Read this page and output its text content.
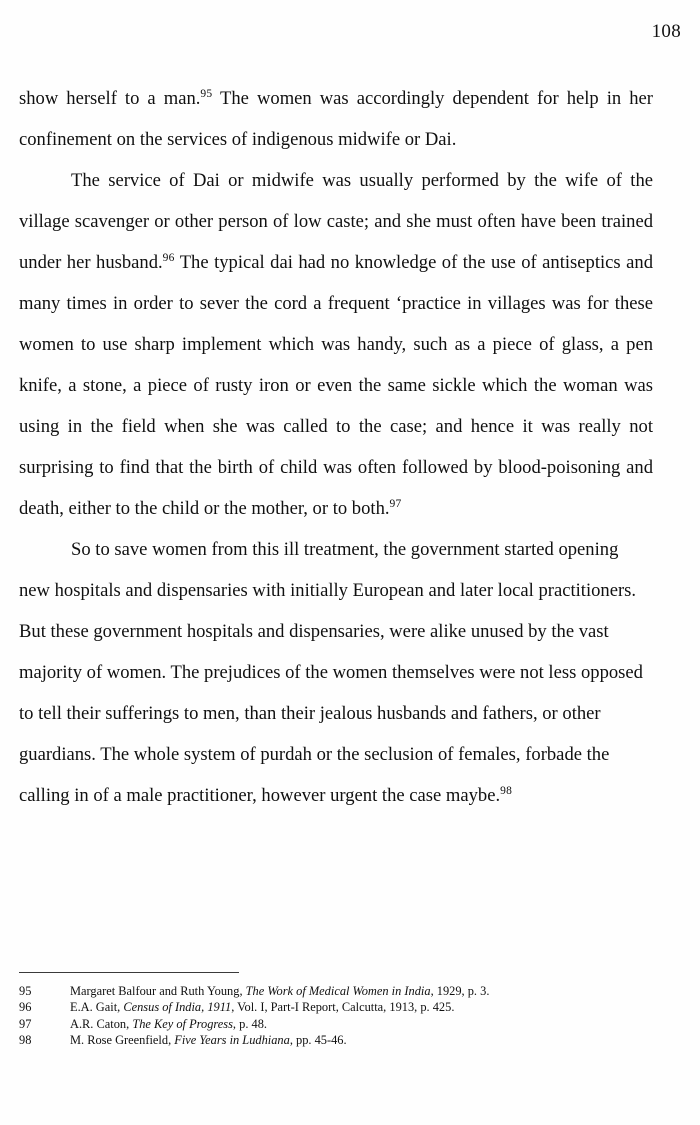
108

show herself to a man.$^{95}$ The women was accordingly dependent for help in her confinement on the services of indigenous midwife or Dai.

The service of Dai or midwife was usually performed by the wife of the village scavenger or other person of low caste; and she must often have been trained under her husband.$^{96}$ The typical dai had no knowledge of the use of antiseptics and many times in order to sever the cord a frequent ‘practice in villages was for these women to use sharp implement which was handy, such as a piece of glass, a pen knife, a stone, a piece of rusty iron or even the same sickle which the woman was using in the field when she was called to the case; and hence it was really not surprising to find that the birth of child was often followed by blood-poisoning and death, either to the child or the mother, or to both.$^{97}$

So to save women from this ill treatment, the government started opening new hospitals and dispensaries with initially European and later local practitioners. But these government hospitals and dispensaries, were alike unused by the vast majority of women. The prejudices of the women themselves were not less opposed to tell their sufferings to men, than their jealous husbands and fathers, or other guardians. The whole system of purdah or the seclusion of females, forbade the calling in of a male practitioner, however urgent the case maybe.$^{98}$

95	Margaret Balfour and Ruth Young, The Work of Medical Women in India, 1929, p. 3.
96	E.A. Gait, Census of India, 1911, Vol. I, Part-I Report, Calcutta, 1913, p. 425.
97	A.R. Caton, The Key of Progress, p. 48.
98	M. Rose Greenfield, Five Years in Ludhiana, pp. 45-46.
